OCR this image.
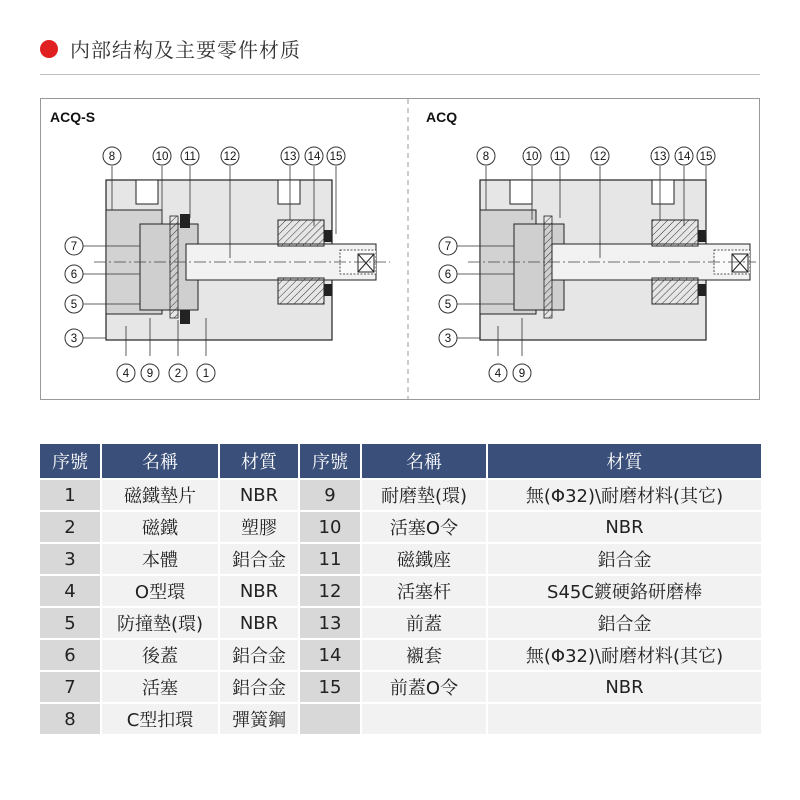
内部结构及主要零件材质
ACQ-S
8	10 11 12	13 14 15
7
6
5
3
4 9 2 1
ACQ
8	10 11 12	13 14 15
7
6
5
3
4 9
序號	名稱	材質	序號	名稱	材質
1	磁鐵墊片	NBR	9	耐磨墊(環)	無(Φ32)\耐磨材料(其它)
2	磁鐵	塑膠	10	活塞O令	NBR
3	本體	鋁合金	11	磁鐵座	鋁合金
4	O型環	NBR	12	活塞杆	S45C鍍硬鉻研磨棒
5	防撞墊(環)	NBR	13	前蓋	鋁合金
6	後蓋	鋁合金	14	襯套	無(Φ32)\耐磨材料(其它)
7	活塞	鋁合金	15	前蓋O令	NBR
8	C型扣環	彈簧鋼			
